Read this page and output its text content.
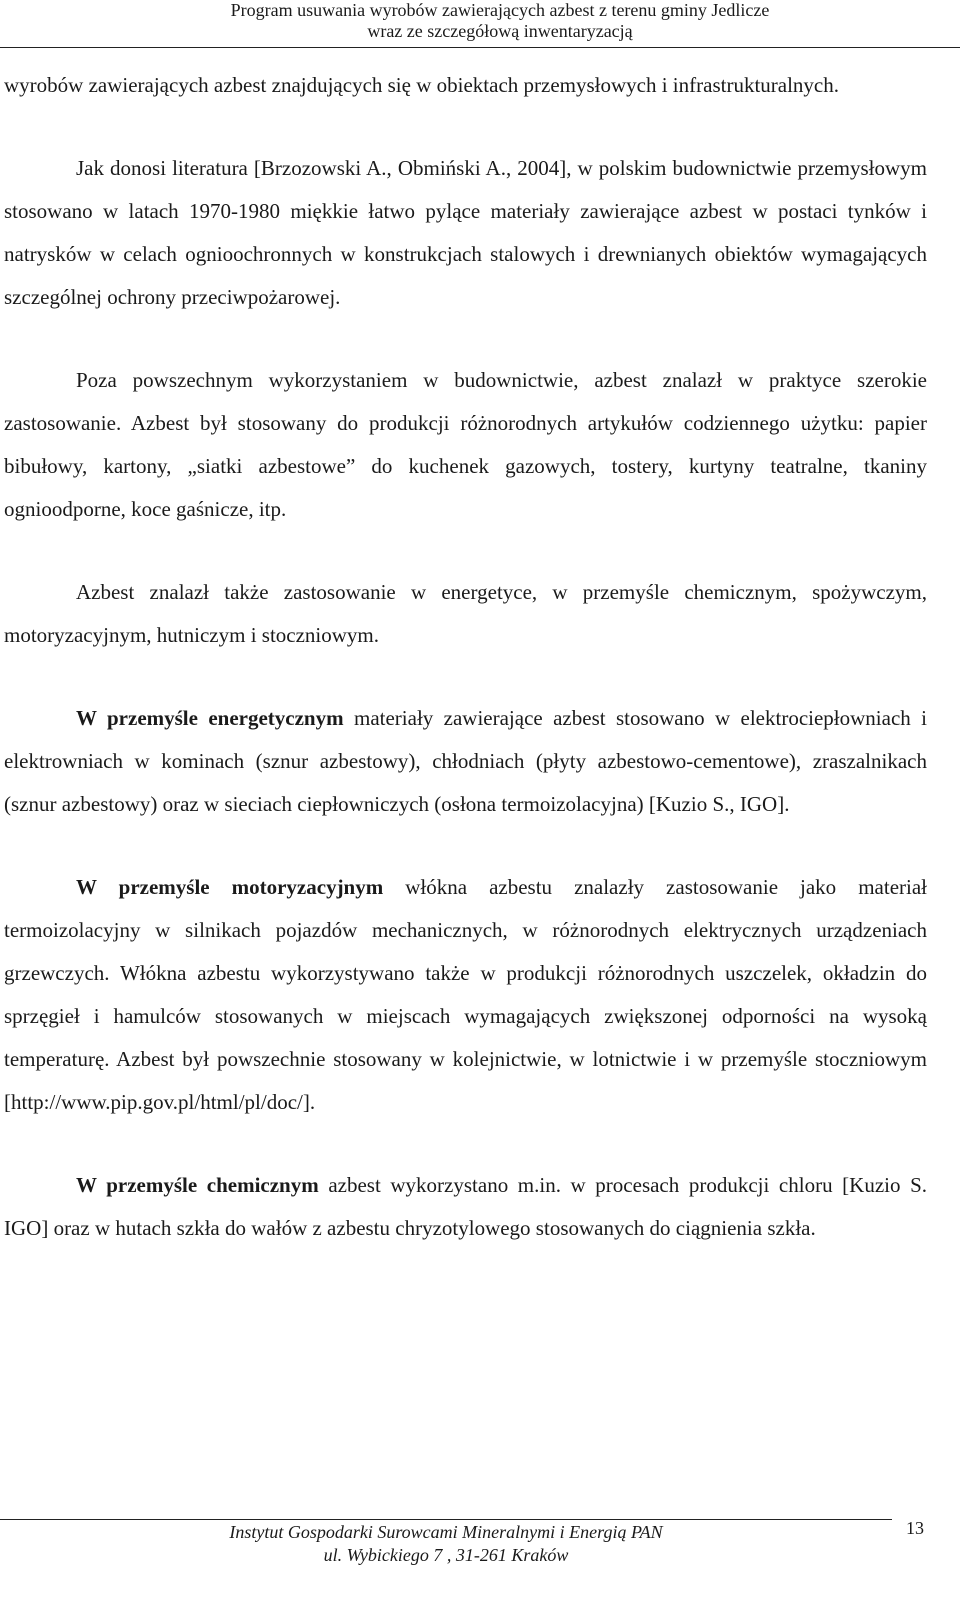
Program usuwania wyrobów zawierających azbest z terenu gminy Jedlicze
wraz ze szczegółową inwentaryzacją

wyrobów zawierających azbest znajdujących się w obiektach przemysłowych i infrastrukturalnych.

Jak donosi literatura [Brzozowski A., Obmiński A., 2004], w polskim budownictwie przemysłowym stosowano w latach 1970-1980 miękkie łatwo pylące materiały zawierające azbest w postaci tynków i natrysków w celach ognioochronnych w konstrukcjach stalowych i drewnianych obiektów wymagających szczególnej ochrony przeciwpożarowej.

Poza powszechnym wykorzystaniem w budownictwie, azbest znalazł w praktyce szerokie zastosowanie. Azbest był stosowany do produkcji różnorodnych artykułów codziennego użytku: papier bibułowy, kartony, „siatki azbestowe” do kuchenek gazowych, tostery, kurtyny teatralne, tkaniny ognioodporne, koce gaśnicze, itp.

Azbest znalazł także zastosowanie w energetyce, w przemyśle chemicznym, spożywczym, motoryzacyjnym, hutniczym i stoczniowym.

W przemyśle energetycznym materiały zawierające azbest stosowano w elektrociepłowniach i elektrowniach w kominach (sznur azbestowy), chłodniach (płyty azbestowo-cementowe), zraszalnikach (sznur azbestowy) oraz w sieciach ciepłowniczych (osłona termoizolacyjna) [Kuzio S., IGO].

W przemyśle motoryzacyjnym włókna azbestu znalazły zastosowanie jako materiał termoizolacyjny w silnikach pojazdów mechanicznych, w różnorodnych elektrycznych urządzeniach grzewczych. Włókna azbestu wykorzystywano także w produkcji różnorodnych uszczelek, okładzin do sprzęgieł i hamulców stosowanych w miejscach wymagających zwiększonej odporności na wysoką temperaturę. Azbest był powszechnie stosowany w kolejnictwie, w lotnictwie i w przemyśle stoczniowym [http://www.pip.gov.pl/html/pl/doc/].

W przemyśle chemicznym azbest wykorzystano m.in. w procesach produkcji chloru [Kuzio S. IGO] oraz w hutach szkła do wałów z azbestu chryzotylowego stosowanych do ciągnienia szkła.

Instytut Gospodarki Surowcami Mineralnymi i Energią PAN
ul. Wybickiego 7 , 31-261 Kraków
13
